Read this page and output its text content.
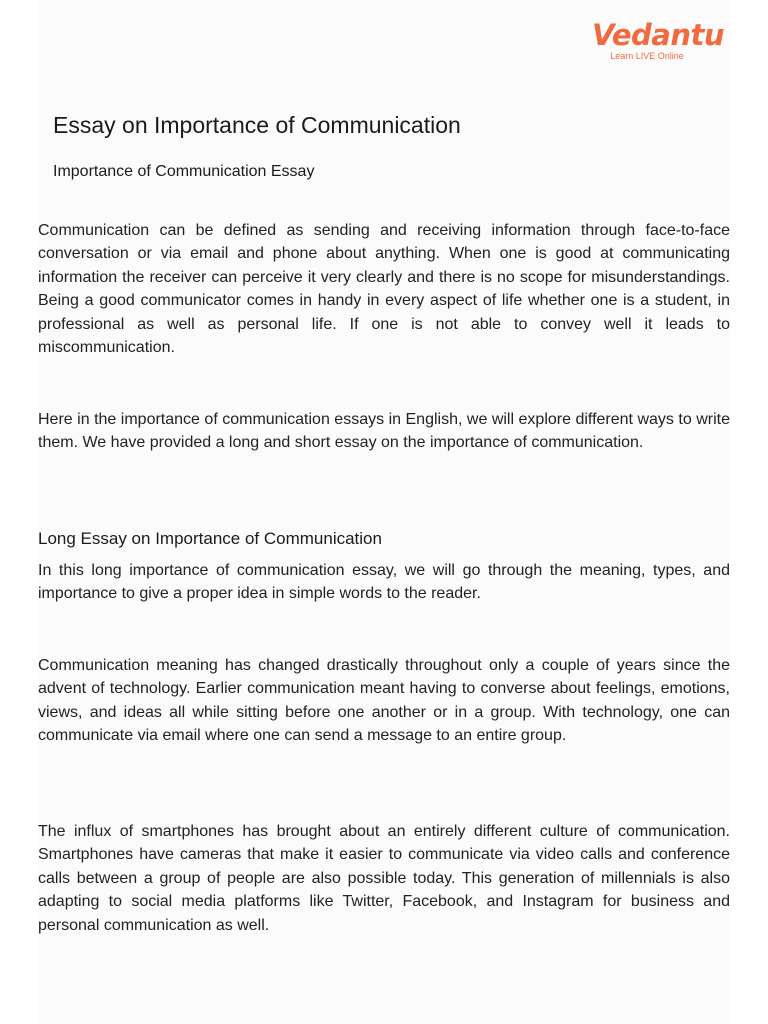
Vedantu
Learn LIVE Online
Essay on Importance of Communication
Importance of Communication Essay

Communication can be defined as sending and receiving information through face-to-face conversation or via email and phone about anything. When one is good at communicating information the receiver can perceive it very clearly and there is no scope for misunderstandings. Being a good communicator comes in handy in every aspect of life whether one is a student, in professional as well as personal life. If one is not able to convey well it leads to miscommunication.

Here in the importance of communication essays in English, we will explore different ways to write them. We have provided a long and short essay on the importance of communication.

Long Essay on Importance of Communication

In this long importance of communication essay, we will go through the meaning, types, and importance to give a proper idea in simple words to the reader.

Communication meaning has changed drastically throughout only a couple of years since the advent of technology. Earlier communication meant having to converse about feelings, emotions, views, and ideas all while sitting before one another or in a group. With technology, one can communicate via email where one can send a message to an entire group.

The influx of smartphones has brought about an entirely different culture of communication. Smartphones have cameras that make it easier to communicate via video calls and conference calls between a group of people are also possible today. This generation of millennials is also adapting to social media platforms like Twitter, Facebook, and Instagram for business and personal communication as well.
